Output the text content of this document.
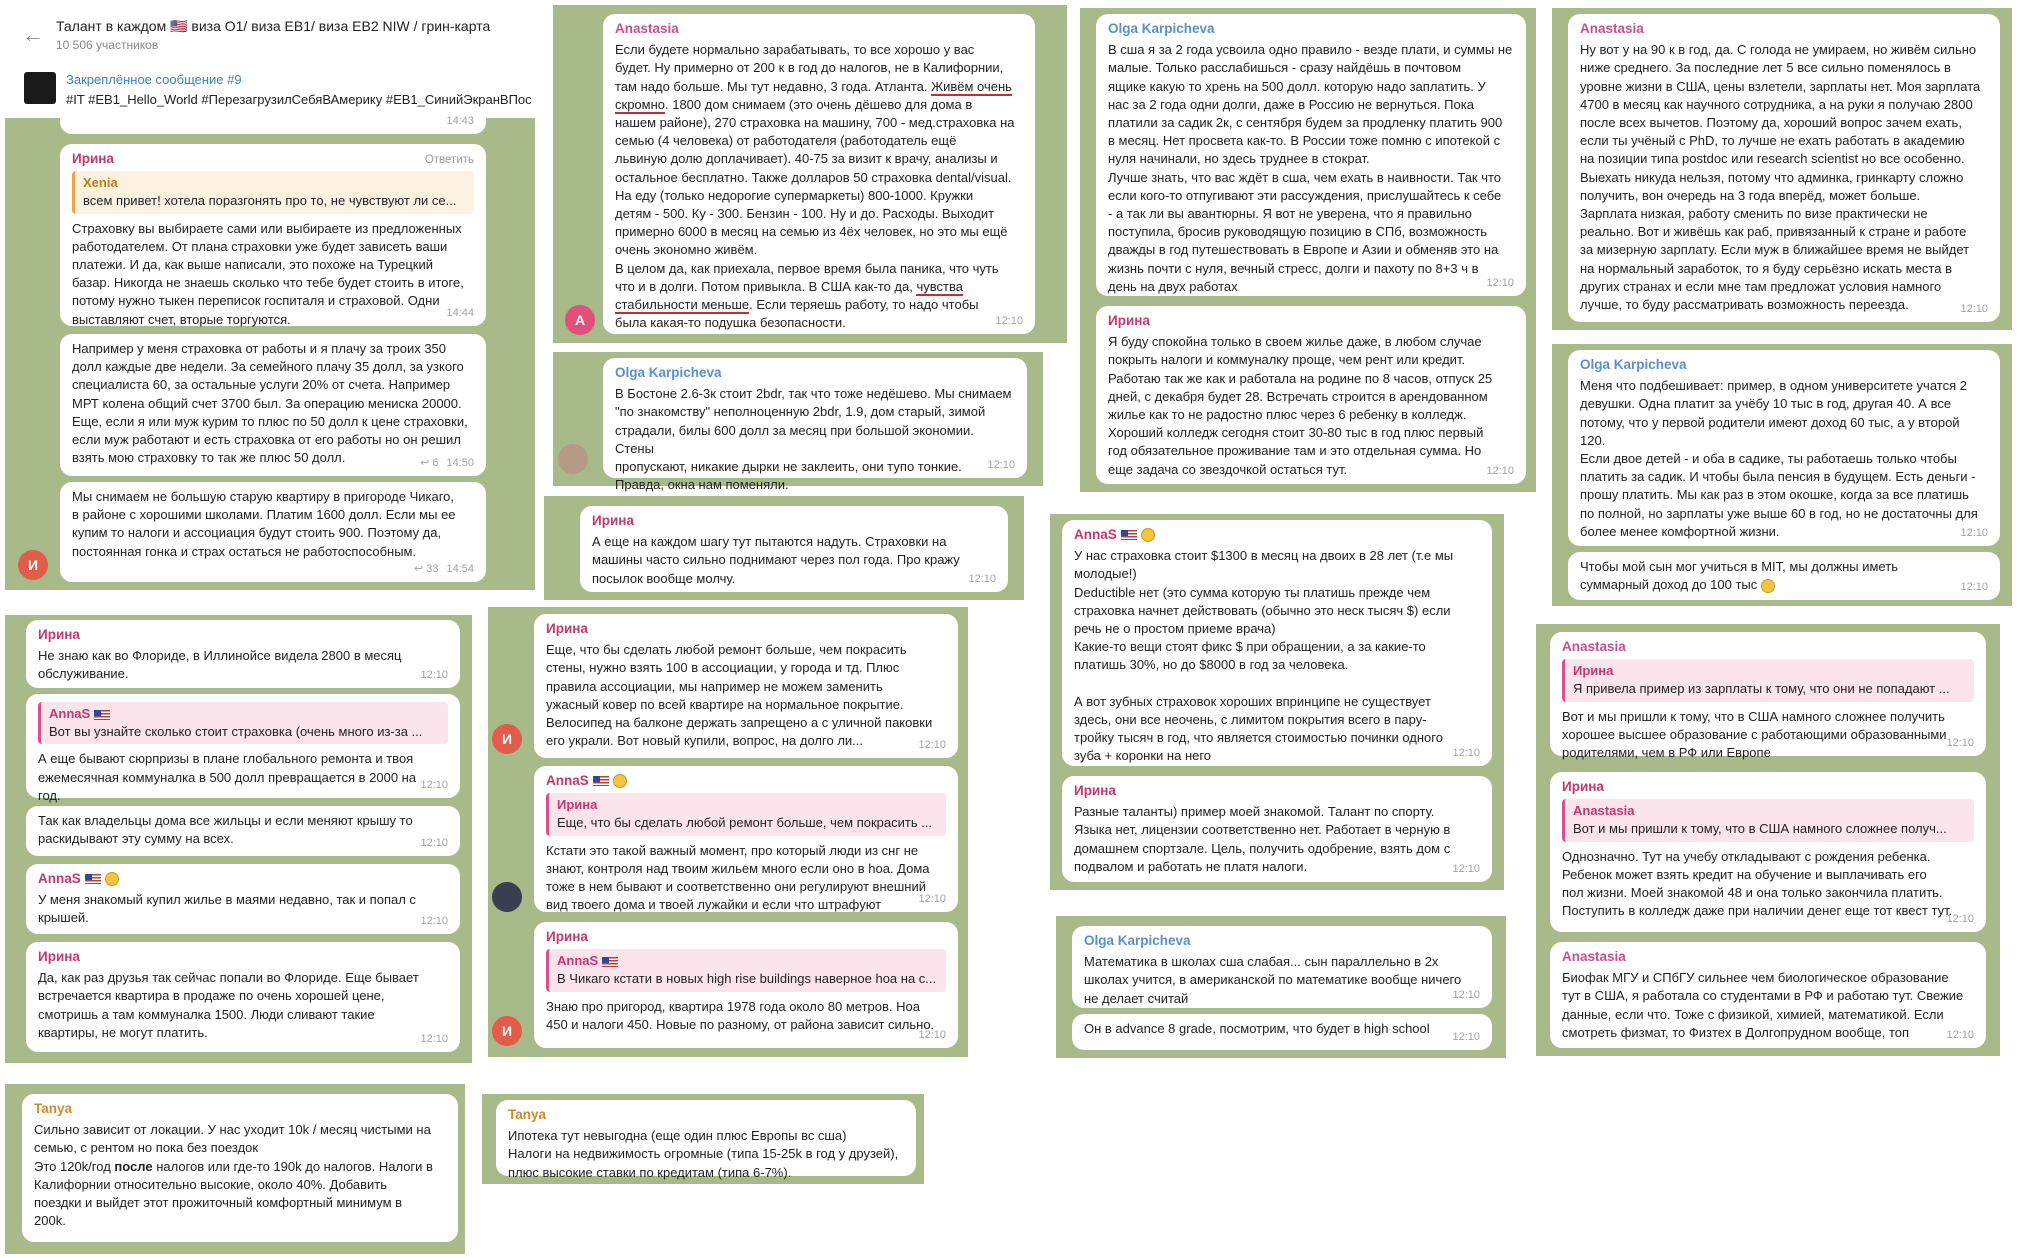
← Талант в каждом 🇺🇸 виза O1/ виза EB1/ виза EB2 NIW / грин-карта
10 506 участников
Закреплённое сообщение #9
#IT #EB1_Hello_World #ПерезагрузилСебяВАмерику #EB1_СинийЭкранВПос
14:43
Ирина	Ответить
Xenia
всем привет! хотела поразгонять про то, не чувствуют ли се...
Страховку вы выбираете сами или выбираете из предложенных
работодателем. От плана страховки уже будет зависеть ваши
платежи. И да, как выше написали, это похоже на Турецкий
базар. Никогда не знаешь сколько что тебе будет стоить в итоге,
потому нужно тыкен переписок госпиталя и страховой. Одни
выставляют счет, вторые торгуются.	14:44
Например у меня страховка от работы и я плачу за троих 350
долл каждые две недели. За семейного плачу 35 долл, за узкого
специалиста 60, за остальные услуги 20% от счета. Например
МРТ колена общий счет 3700 был. За операцию мениска 20000.
Еще, если я или муж курим то плюс по 50 долл к цене страховки,
если муж работают и есть страховка от его работы но он решил
взять мою страховку то так же плюс 50 долл.	↩ 6 14:50
Мы снимаем не большую старую квартиру в пригороде Чикаго,
в районе с хорошими школами. Платим 1600 долл. Если мы ее
купим то налоги и ассоциация будут стоить 900. Поэтому да,
постоянная гонка и страх остаться не работоспособным.
↩ 33 14:54
И
Anastasia
Если будете нормально зарабатывать, то все хорошо у вас
будет. Ну примерно от 200 к в год до налогов, не в Калифорнии,
там надо больше. Мы тут недавно, 3 года. Атланта. Живём очень
скромно. 1800 дом снимаем (это очень дёшево для дома в
нашем районе), 270 страховка на машину, 700 - мед.страховка на
семью (4 человека) от работодателя (работодатель ещё
львиную долю доплачивает). 40-75 за визит к врачу, анализы и
остальное бесплатно. Также долларов 50 страховка dental/visual.
На еду (только недорогие супермаркеты) 800-1000. Кружки
детям - 500. Ку - 300. Бензин - 100. Ну и до. Расходы. Выходит
примерно 6000 в месяц на семью из 4ёх человек, но это мы ещё
очень экономно живём.
В целом да, как приехала, первое время была паника, что чуть
что и в долги. Потом привыкла. В США как-то да, чувства
стабильности меньше. Если теряешь работу, то надо чтобы
была какая-то подушка безопасности.	12:10
A
Olga Karpicheva
В Бостоне 2.6-3к стоит 2bdr, так что тоже недёшево. Мы снимаем
"по знакомству" неполноценную 2bdr, 1.9, дом старый, зимой
страдали, билы 600 долл за месяц при большой экономии. Стены
пропускают, никакие дырки не заклеить, они тупо тонкие.
Правда, окна нам поменяли.
12:10
Olga Karpicheva
В сша я за 2 года усвоила одно правило - везде плати, и суммы не
малые. Только расслабишься - сразу найдёшь в почтовом
ящике какую то хрень на 500 долл. которую надо заплатить. У
нас за 2 года одни долги, даже в Россию не вернуться. Пока
платили за садик 2к, с сентября будем за продленку платить 900
в месяц. Нет просвета как-то. В России тоже помню с ипотекой с
нуля начинали, но здесь труднее в стократ.
Лучше знать, что вас ждёт в сша, чем ехать в наивности. Так что
если кого-то отпугивают эти рассуждения, прислушайтесь к себе
- а так ли вы авантюрны. Я вот не уверена, что я правильно
поступила, бросив руководящую позицию в СПб, возможность
дважды в год путешествовать в Европе и Азии и обменяв это на
жизнь почти с нуля, вечный стресс, долги и пахоту по 8+3 ч в
день на двух работах	12:10
Ирина
Я буду спокойна только в своем жилье даже, в любом случае
покрыть налоги и коммуналку проще, чем рент или кредит.
Работаю так же как и работала на родине по 8 часов, отпуск 25
дней, с декабря будет 28. Встречать строится в арендованном
жилье как то не радостно плюс через 6 ребенку в колледж.
Хороший колледж сегодня стоит 30-80 тыс в год плюс первый
год обязательное проживание там и это отдельная сумма. Но
еще задача со звездочкой остаться тут.	12:10
Anastasia
Ну вот у на 90 к в год, да. С голода не умираем, но живём сильно
ниже среднего. За последние лет 5 все сильно поменялось в
уровне жизни в США, цены взлетели, зарплаты нет. Моя зарплата
4700 в месяц как научного сотрудника, а на руки я получаю 2800
после всех вычетов. Поэтому да, хороший вопрос зачем ехать,
если ты учёный с PhD, то лучше не ехать работать в академию
на позиции типа postdoc или research scientist но все особенно.
Выехать никуда нельзя, потому что админка, гринкарту сложно
получить, вон очередь на 3 года вперёд, может больше.
Зарплата низкая, работу сменить по визе практически не
реально. Вот и живёшь как раб, привязанный к стране и работе
за мизерную зарплату. Если муж в ближайшее время не выйдет
на нормальный заработок, то я буду серьёзно искать места в
других странах и если мне там предложат условия намного
лучше, то буду рассматривать возможность переезда.	12:10
Olga Karpicheva
Меня что подбешивает: пример, в одном университете учатся 2
девушки. Одна платит за учёбу 10 тыс в год, другая 40. А все
потому, что у первой родители имеют доход 60 тыс, а у второй
120.
Если двое детей - и оба в садике, ты работаешь только чтобы
платить за садик. И чтобы была пенсия в будущем. Есть деньги -
прошу платить. Мы как раз в этом окошке, когда за все платишь
по полной, но зарплаты уже выше 60 в год, но не достаточны для
более менее комфортной жизни.	12:10
Чтобы мой сын мог учиться в MIT, мы должны иметь
суммарный доход до 100 тыс	12:10
Ирина
Не знаю как во Флориде, в Иллинойсе видела 2800 в месяц
обслуживание.	12:10
AnnaS
Вот вы узнайте сколько стоит страховка (очень много из-за ...
А еще бывают сюрпризы в плане глобального ремонта и твоя
ежемесячная коммуналка в 500 долл превращается в 2000 на
год.
12:10
Так как владельцы дома все жильцы и если меняют крышу то
раскидывают эту сумму на всех.	12:10
AnnaS
У меня знакомый купил жилье в маями недавно, так и попал с
крышей.	12:10
Ирина
Да, как раз друзья так сейчас попали во Флориде. Еще бывает
встречается квартира в продаже по очень хорошей цене,
смотришь а там коммуналка 1500. Люди сливают такие
квартиры, не могут платить.	12:10
Ирина
Еще, что бы сделать любой ремонт больше, чем покрасить
стены, нужно взять 100 в ассоциации, у города и тд. Плюс
правила ассоциации, мы например не можем заменить
ужасный ковер по всей квартире на нормальное покрытие.
Велосипед на балконе держать запрещено а с уличной паковки
его украли. Вот новый купили, вопрос, на долго ли...	12:10
И
AnnaS
Ирина
Еще, что бы сделать любой ремонт больше, чем покрасить ...
Кстати это такой важный момент, про который люди из снг не
знают, контроля над твоим жильем много если оно в hoa. Дома
тоже в нем бывают и соответственно они регулируют внешний
вид твоего дома и твоей лужайки и если что штрафуют	12:10
Ирина
AnnaS
В Чикаго кстати в новых high rise buildings наверное hoa на с...
Знаю про пригород, квартира 1978 года около 80 метров. Ноа
450 и налоги 450. Новые по разному, от района зависит сильно.
12:10
И
Ирина
А еще на каждом шагу тут пытаются надуть. Страховки на
машины часто сильно поднимают через пол года. Про кражу
посылок вообще молчу.	12:10
AnnaS
У нас страховка стоит $1300 в месяц на двоих в 28 лет (т.е мы
молодые!)
Deductible нет (это сумма которую ты платишь прежде чем
страховка начнет действовать (обычно это неск тысяч $) если
речь не о простом приеме врача)
Какие-то вещи стоят фикс $ при обращении, а за какие-то
платишь 30%, но до $8000 в год за человека.

А вот зубных страховок хороших впринципе не существует
здесь, они все неочень, с лимитом покрытия всего в пару-
тройку тысяч в год, что является стоимостью починки одного
зуба + коронки на него	12:10
Ирина
Разные таланты) пример моей знакомой. Талант по спорту.
Языка нет, лицензии соответственно нет. Работает в черную в
домашнем спортзале. Цель, получить одобрение, взять дом с
подвалом и работать не платя налоги.	12:10
Olga Karpicheva
Математика в школах сша слабая... сын параллельно в 2х
школах учится, в американской по математике вообще ничего
не делает считай	12:10
Он в advance 8 grade, посмотрим, что будет в high school
12:10
Anastasia
Ирина
Я привела пример из зарплаты к тому, что они не попадают ...
Вот и мы пришли к тому, что в США намного сложнее получить
хорошее высшее образование с работающими образованными
родителями, чем в РФ или Европе
12:10
Ирина
Anastasia
Вот и мы пришли к тому, что в США намного сложнее получ...
Однозначно. Тут на учебу откладывают с рождения ребенка.
Ребенок может взять кредит на обучение и выплачивать его
пол жизни. Моей знакомой 48 и она только закончила платить.
Поступить в колледж даже при наличии денег еще тот квест тут.
12:10
Anastasia
Биофак МГУ и СПбГУ сильнее чем биологическое образование
тут в США, я работала со студентами в РФ и работаю тут. Свежие
данные, если что. Тоже с физикой, химией, математикой. Если
смотреть физмат, то Физтех в Долгопрудном вообще, топ	12:10
Tanya
Сильно зависит от локации. У нас уходит 10k / месяц чистыми на
семью, с рентом но пока без поездок
Это 120k/год после налогов или где-то 190k до налогов. Налоги в
Калифорнии относительно высокие, около 40%. Добавить
поездки и выйдет этот прожиточный комфортный минимум в
200k.
Tanya
Ипотека тут невыгодна (еще один плюс Европы вс сша)
Налоги на недвижимость огромные (типа 15-25k в год у друзей),
плюс высокие ставки по кредитам (типа 6-7%).
